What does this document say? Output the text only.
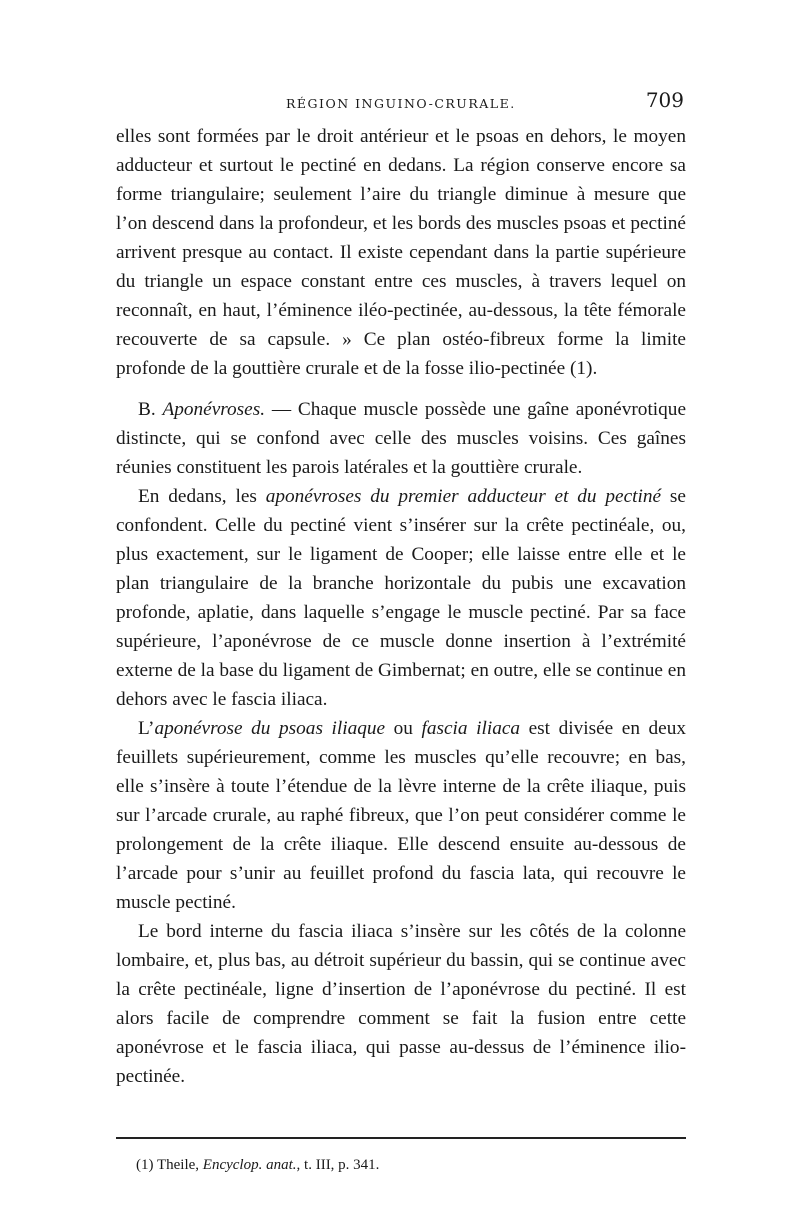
RÉGION INGUINO-CRURALE.	709

elles sont formées par le droit antérieur et le psoas en dehors, le moyen adducteur et surtout le pectiné en dedans. La région conserve encore sa forme triangulaire; seulement l’aire du triangle diminue à mesure que l’on descend dans la profondeur, et les bords des muscles psoas et pectiné arrivent presque au contact. Il existe cependant dans la partie supérieure du triangle un espace constant entre ces muscles, à travers lequel on reconnaît, en haut, l’éminence iléo-pectinée, au-dessous, la tête fémorale recouverte de sa capsule. » Ce plan ostéo-fibreux forme la limite profonde de la gouttière crurale et de la fosse ilio-pectinée (1).

B. Aponévroses. — Chaque muscle possède une gaîne aponévrotique distincte, qui se confond avec celle des muscles voisins. Ces gaînes réunies constituent les parois latérales et la gouttière crurale.

En dedans, les aponévroses du premier adducteur et du pectiné se confondent. Celle du pectiné vient s’insérer sur la crête pectinéale, ou, plus exactement, sur le ligament de Cooper; elle laisse entre elle et le plan triangulaire de la branche horizontale du pubis une excavation profonde, aplatie, dans laquelle s’engage le muscle pectiné. Par sa face supérieure, l’aponévrose de ce muscle donne insertion à l’extrémité externe de la base du ligament de Gimbernat; en outre, elle se continue en dehors avec le fascia iliaca.

L’aponévrose du psoas iliaque ou fascia iliaca est divisée en deux feuillets supérieurement, comme les muscles qu’elle recouvre; en bas, elle s’insère à toute l’étendue de la lèvre interne de la crête iliaque, puis sur l’arcade crurale, au raphé fibreux, que l’on peut considérer comme le prolongement de la crête iliaque. Elle descend ensuite au-dessous de l’arcade pour s’unir au feuillet profond du fascia lata, qui recouvre le muscle pectiné.

Le bord interne du fascia iliaca s’insère sur les côtés de la colonne lombaire, et, plus bas, au détroit supérieur du bassin, qui se continue avec la crête pectinéale, ligne d’insertion de l’aponévrose du pectiné. Il est alors facile de comprendre comment se fait la fusion entre cette aponévrose et le fascia iliaca, qui passe au-dessus de l’éminence ilio-pectinée.

(1) Theile, Encyclop. anat., t. III, p. 341.
